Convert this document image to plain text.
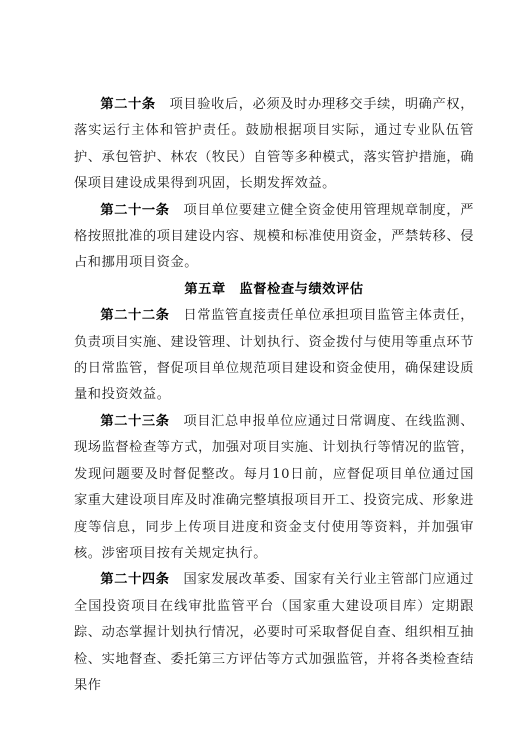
第二十条　 项目验收后，必须及时办理移交手续，明确产权，落实运行主体和管护责任。鼓励根据项目实际，通过专业队伍管护、承包管护、林农（牧民）自管等多种模式，落实管护措施，确保项目建设成果得到巩固，长期发挥效益。

第二十一条　 项目单位要建立健全资金使用管理规章制度，严格按照批准的项目建设内容、规模和标准使用资金，严禁转移、侵占和挪用项目资金。

第五章　监督检查与绩效评估

第二十二条　 日常监管直接责任单位承担项目监管主体责任，负责项目实施、建设管理、计划执行、资金拨付与使用等重点环节的日常监管，督促项目单位规范项目建设和资金使用，确保建设质量和投资效益。

第二十三条　 项目汇总申报单位应通过日常调度、在线监测、现场监督检查等方式，加强对项目实施、计划执行等情况的监管，发现问题要及时督促整改。每月10日前，应督促项目单位通过国家重大建设项目库及时准确完整填报项目开工、投资完成、形象进度等信息，同步上传项目进度和资金支付使用等资料，并加强审核。涉密项目按有关规定执行。

第二十四条　 国家发展改革委、国家有关行业主管部门应通过全国投资项目在线审批监管平台（国家重大建设项目库）定期跟踪、动态掌握计划执行情况，必要时可采取督促自查、组织相互抽检、实地督查、委托第三方评估等方式加强监管，并将各类检查结果作
